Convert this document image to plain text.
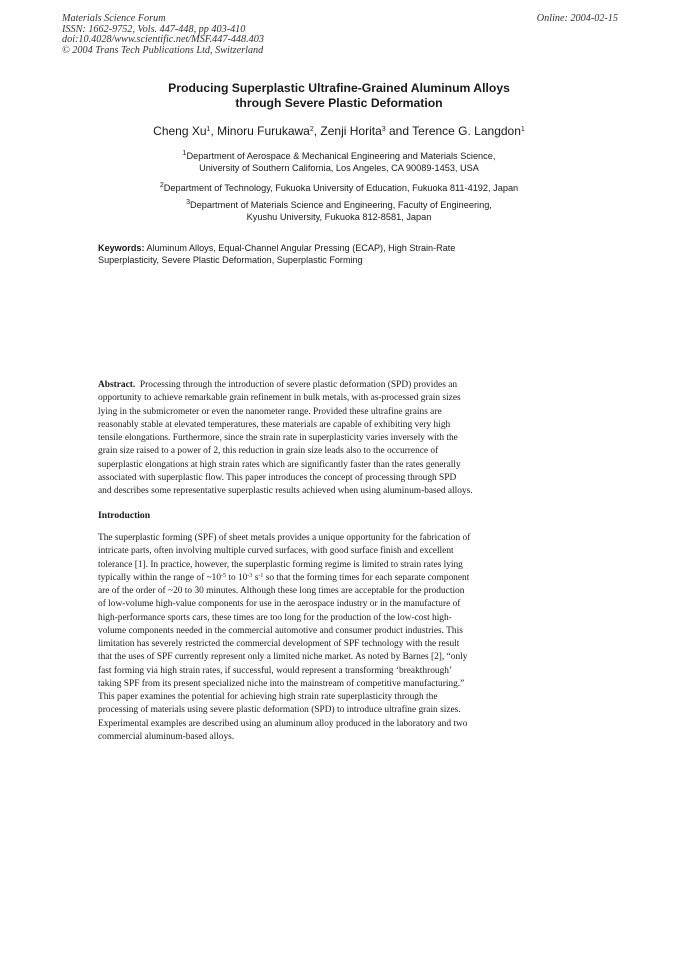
Materials Science Forum
ISSN: 1662-9752, Vols. 447-448, pp 403-410
doi:10.4028/www.scientific.net/MSF.447-448.403
© 2004 Trans Tech Publications Ltd, Switzerland
Online: 2004-02-15
Producing Superplastic Ultrafine-Grained Aluminum Alloys
through Severe Plastic Deformation
Cheng Xu$^1$, Minoru Furukawa$^2$, Zenji Horita$^3$ and Terence G. Langdon$^1$
$^1$Department of Aerospace & Mechanical Engineering and Materials Science,
University of Southern California, Los Angeles, CA 90089-1453, USA
$^2$Department of Technology, Fukuoka University of Education, Fukuoka 811-4192, Japan
$^3$Department of Materials Science and Engineering, Faculty of Engineering,
Kyushu University, Fukuoka 812-8581, Japan
Keywords: Aluminum Alloys, Equal-Channel Angular Pressing (ECAP), High Strain-Rate
Superplasticity, Severe Plastic Deformation, Superplastic Forming
Abstract.  Processing through the introduction of severe plastic deformation (SPD) provides an
opportunity to achieve remarkable grain refinement in bulk metals, with as-processed grain sizes
lying in the submicrometer or even the nanometer range. Provided these ultrafine grains are
reasonably stable at elevated temperatures, these materials are capable of exhibiting very high
tensile elongations. Furthermore, since the strain rate in superplasticity varies inversely with the
grain size raised to a power of 2, this reduction in grain size leads also to the occurrence of
superplastic elongations at high strain rates which are significantly faster than the rates generally
associated with superplastic flow. This paper introduces the concept of processing through SPD
and describes some representative superplastic results achieved when using aluminum-based alloys.
Introduction
The superplastic forming (SPF) of sheet metals provides a unique opportunity for the fabrication of
intricate parts, often involving multiple curved surfaces, with good surface finish and excellent
tolerance [1]. In practice, however, the superplastic forming regime is limited to strain rates lying
typically within the range of $\sim 10^{-5}$ to $10^{-3}$ $s^{-1}$ so that the forming times for each separate component
are of the order of ~20 to 30 minutes. Although these long times are acceptable for the production
of low-volume high-value components for use in the aerospace industry or in the manufacture of
high-performance sports cars, these times are too long for the production of the low-cost high-
volume components needed in the commercial automotive and consumer product industries. This
limitation has severely restricted the commercial development of SPF technology with the result
that the uses of SPF currently represent only a limited niche market. As noted by Barnes [2], “only
fast forming via high strain rates, if successful, would represent a transforming ‘breakthrough’
taking SPF from its present specialized niche into the mainstream of competitive manufacturing.”
This paper examines the potential for achieving high strain rate superplasticity through the
processing of materials using severe plastic deformation (SPD) to introduce ultrafine grain sizes.
Experimental examples are described using an aluminum alloy produced in the laboratory and two
commercial aluminum-based alloys.
